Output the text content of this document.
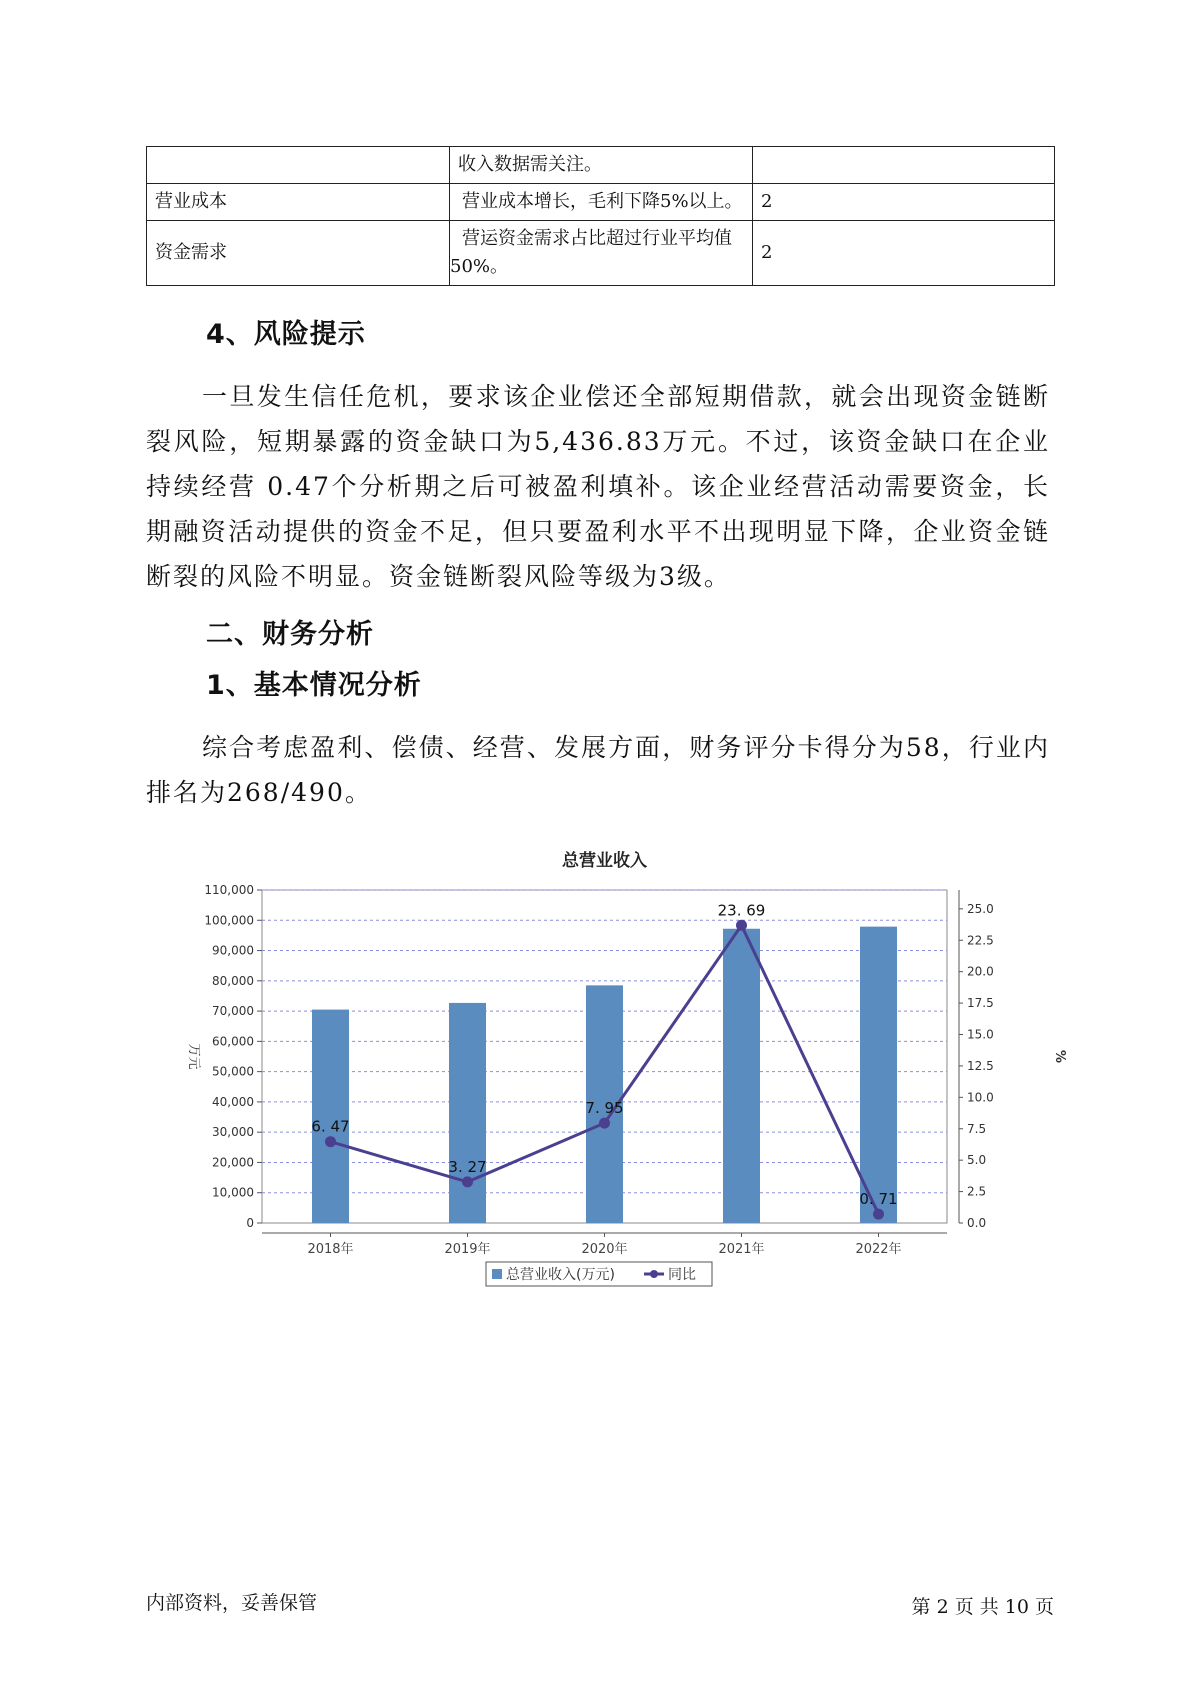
	收入数据需关注。	
营业成本	营业成本增长，毛利下降5%以上。	2
资金需求	营运资金需求占比超过行业平均值50%。	2
4、风险提示

一旦发生信任危机，要求该企业偿还全部短期借款，就会出现资金链断裂风险，短期暴露的资金缺口为5,436.83万元。不过，该资金缺口在企业持续经营 0.47个分析期之后可被盈利填补。该企业经营活动需要资金，长期融资活动提供的资金不足，但只要盈利水平不出现明显下降，企业资金链断裂的风险不明显。资金链断裂风险等级为3级。

二、财务分析
1、基本情况分析

综合考虑盈利、偿债、经营、发展方面，财务评分卡得分为58，行业内排名为268/490。

总营业收入
0
10,000
20,000
30,000
40,000
50,000
60,000
70,000
80,000
90,000
100,000
110,000
0.0
2.5
5.0
7.5
10.0
12.5
15.0
17.5
20.0
22.5
25.0
万元	%
2018年	2019年	2020年	2021年	2022年
6. 47
3. 27
7. 95
23. 69
0. 71
总营业收入(万元)	同比
内部资料，妥善保管	第 2 页 共 10 页
